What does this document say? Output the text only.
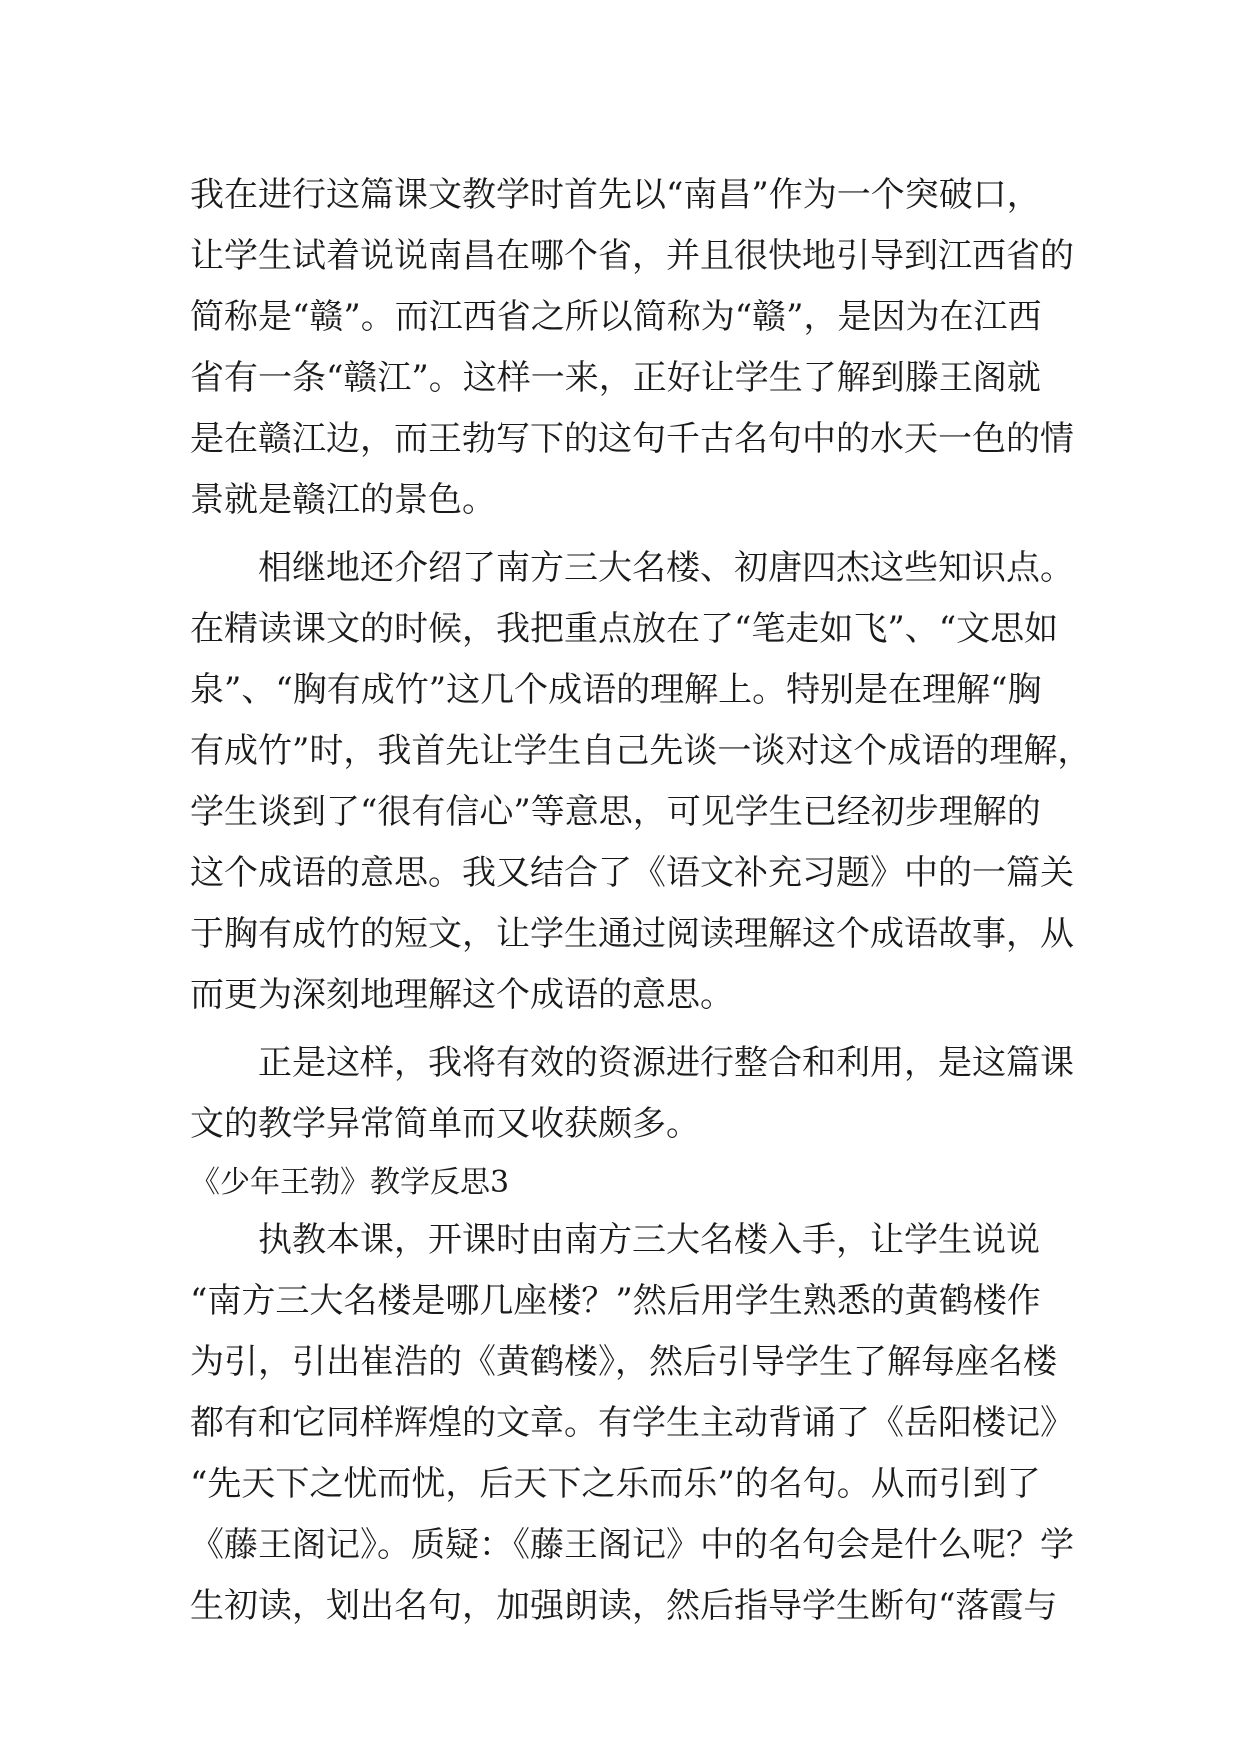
我在进行这篇课文教学时首先以“南昌”作为一个突破口，
让学生试着说说南昌在哪个省，并且很快地引导到江西省的
简称是“赣”。而江西省之所以简称为“赣”，是因为在江西
省有一条“赣江”。这样一来，正好让学生了解到滕王阁就
是在赣江边，而王勃写下的这句千古名句中的水天一色的情
景就是赣江的景色。
　　相继地还介绍了南方三大名楼、初唐四杰这些知识点。
在精读课文的时候，我把重点放在了“笔走如飞”、“文思如
泉”、“胸有成竹”这几个成语的理解上。特别是在理解“胸
有成竹”时，我首先让学生自己先谈一谈对这个成语的理解，
学生谈到了“很有信心”等意思，可见学生已经初步理解的
这个成语的意思。我又结合了《语文补充习题》中的一篇关
于胸有成竹的短文，让学生通过阅读理解这个成语故事，从
而更为深刻地理解这个成语的意思。
　　正是这样，我将有效的资源进行整合和利用，是这篇课
文的教学异常简单而又收获颇多。
《少年王勃》教学反思3
　　执教本课，开课时由南方三大名楼入手，让学生说说
“南方三大名楼是哪几座楼？”然后用学生熟悉的黄鹤楼作
为引，引出崔浩的《黄鹤楼》，然后引导学生了解每座名楼
都有和它同样辉煌的文章。有学生主动背诵了《岳阳楼记》
“先天下之忧而忧，后天下之乐而乐”的名句。从而引到了
《藤王阁记》。质疑：《藤王阁记》中的名句会是什么呢？学
生初读，划出名句，加强朗读，然后指导学生断句“落霞与
